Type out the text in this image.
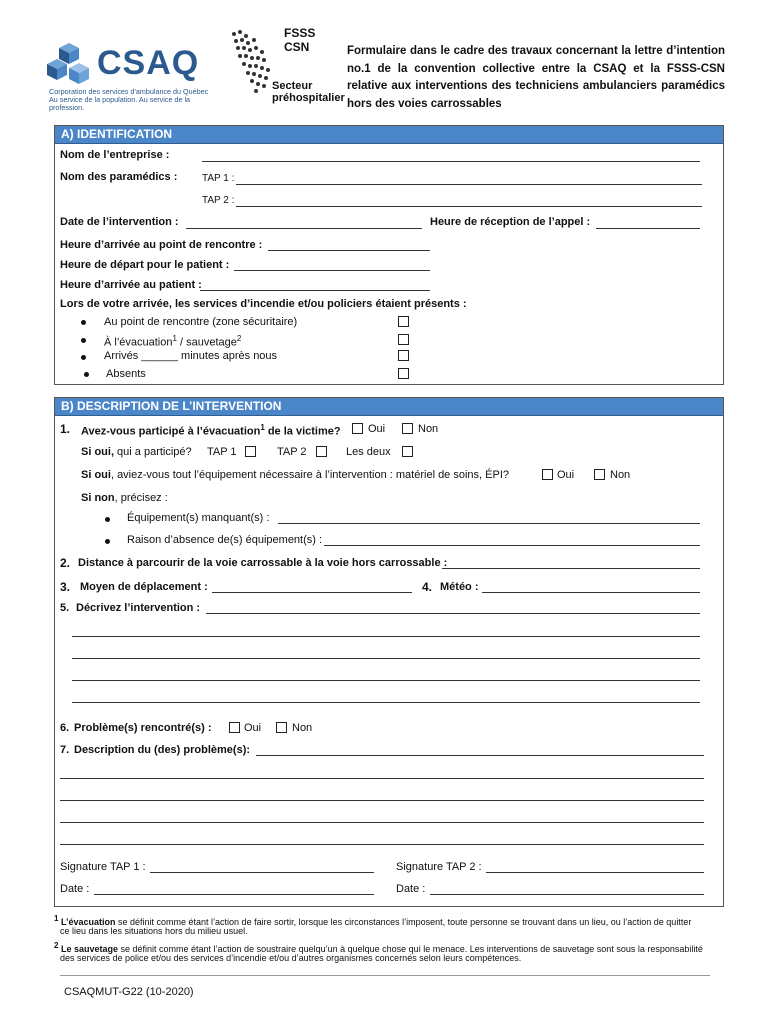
CSAQ
Corporation des services d'ambulance du Québec
Au service de la population. Au service de la profession.
FSSS CSN
Secteur
préhospitalier
Formulaire dans le cadre des travaux concernant la lettre d’intention no.1 de la convention collective entre la CSAQ et la FSSS-CSN relative aux interventions des techniciens ambulanciers paramédics hors des voies carrossables
A) IDENTIFICATION
Nom de l’entreprise :
Nom des paramédics : TAP 1 :
TAP 2 :
Date de l’intervention :	Heure de réception de l’appel :
Heure d’arrivée au point de rencontre :
Heure de départ pour le patient :
Heure d’arrivée au patient :
Lors de votre arrivée, les services d’incendie et/ou policiers étaient présents :
Au point de rencontre (zone sécuritaire)
À l’évacuation$^1$ / sauvetage$^2$
Arrivés ______ minutes après nous
Absents
B) DESCRIPTION DE L’INTERVENTION
1. Avez-vous participé à l’évacuation$^1$ de la victime? Oui	Non
Si oui, qui a participé? TAP 1	TAP 2	Les deux
Si oui, aviez-vous tout l’équipement nécessaire à l’intervention : matériel de soins, ÉPI?	Oui	Non
Si non, précisez :
Équipement(s) manquant(s) :
Raison d’absence de(s) équipement(s) :
2. Distance à parcourir de la voie carrossable à la voie hors carrossable :
3. Moyen de déplacement :	4. Météo :
5. Décrivez l’intervention :
6. Problème(s) rencontré(s) :	Oui	Non
7. Description du (des) problème(s):
Signature TAP 1 :	Signature TAP 2 :
Date :	Date :
$^1$ L’évacuation se définit comme étant l’action de faire sortir, lorsque les circonstances l’imposent, toute personne se trouvant dans un lieu, ou l’action de quitter
ce lieu dans les situations hors du milieu usuel.
$^2$ Le sauvetage se définit comme étant l’action de soustraire quelqu’un à quelque chose qui le menace. Les interventions de sauvetage sont sous la responsabilité
des services de police et/ou des services d’incendie et/ou d’autres organismes concernés selon leurs compétences.
CSAQMUT-G22 (10-2020)
